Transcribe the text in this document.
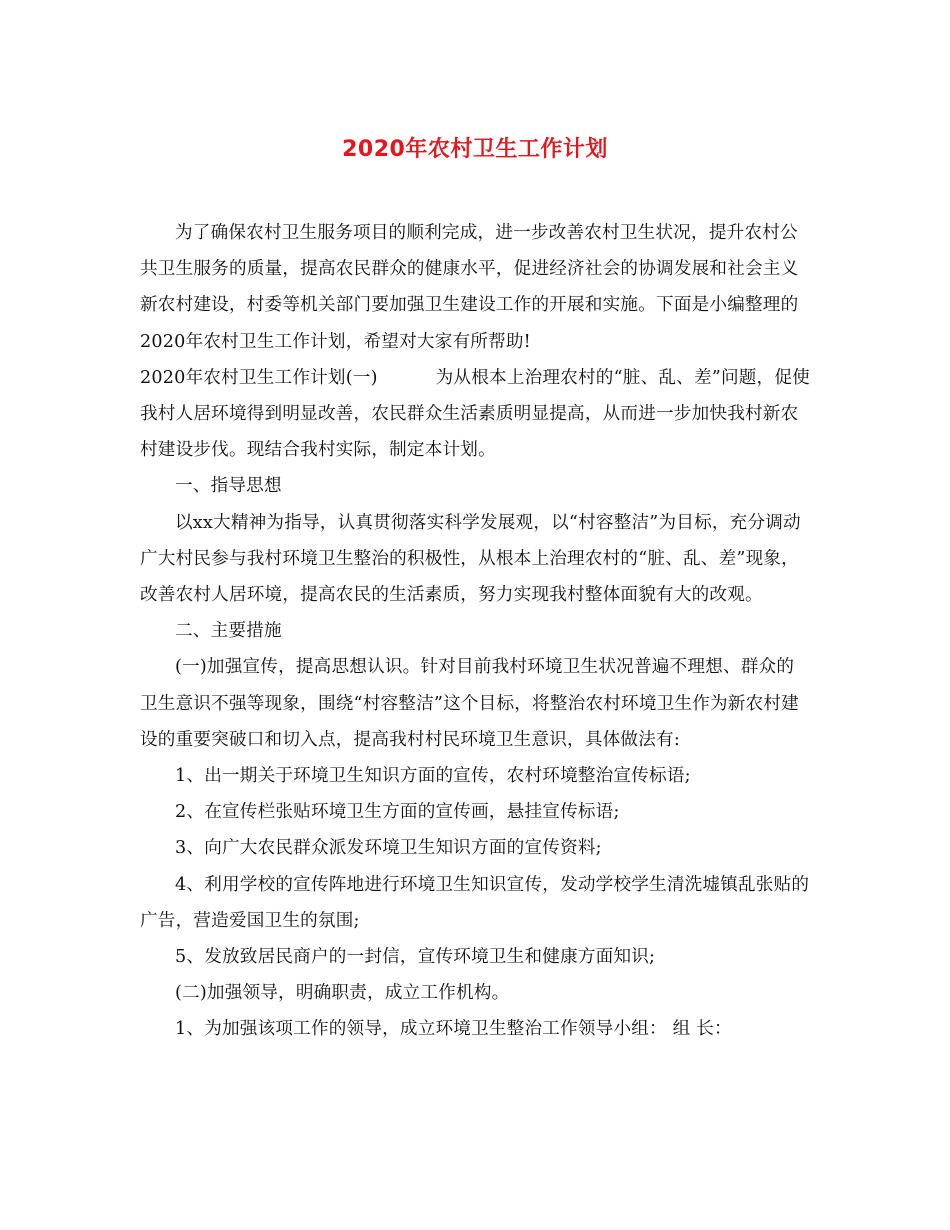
2020年农村卫生工作计划

为了确保农村卫生服务项目的顺利完成，进一步改善农村卫生状况，提升农村公共卫生服务的质量，提高农民群众的健康水平，促进经济社会的协调发展和社会主义新农村建设，村委等机关部门要加强卫生建设工作的开展和实施。下面是小编整理的2020年农村卫生工作计划，希望对大家有所帮助!

2020年农村卫生工作计划(一)	为从根本上治理农村的“脏、乱、差”问题，促使我村人居环境得到明显改善，农民群众生活素质明显提高，从而进一步加快我村新农村建设步伐。现结合我村实际，制定本计划。

一、指导思想

以xx大精神为指导，认真贯彻落实科学发展观，以“村容整洁”为目标，充分调动广大村民参与我村环境卫生整治的积极性，从根本上治理农村的“脏、乱、差”现象，改善农村人居环境，提高农民的生活素质，努力实现我村整体面貌有大的改观。

二、主要措施

(一)加强宣传，提高思想认识。针对目前我村环境卫生状况普遍不理想、群众的卫生意识不强等现象，围绕“村容整洁”这个目标，将整治农村环境卫生作为新农村建设的重要突破口和切入点，提高我村村民环境卫生意识，具体做法有:

1、出一期关于环境卫生知识方面的宣传，农村环境整治宣传标语;

2、在宣传栏张贴环境卫生方面的宣传画，悬挂宣传标语;

3、向广大农民群众派发环境卫生知识方面的宣传资料;

4、利用学校的宣传阵地进行环境卫生知识宣传，发动学校学生清洗墟镇乱张贴的广告，营造爱国卫生的氛围;

5、发放致居民商户的一封信，宣传环境卫生和健康方面知识;

(二)加强领导，明确职责，成立工作机构。

1、为加强该项工作的领导，成立环境卫生整治工作领导小组： 组 长：
